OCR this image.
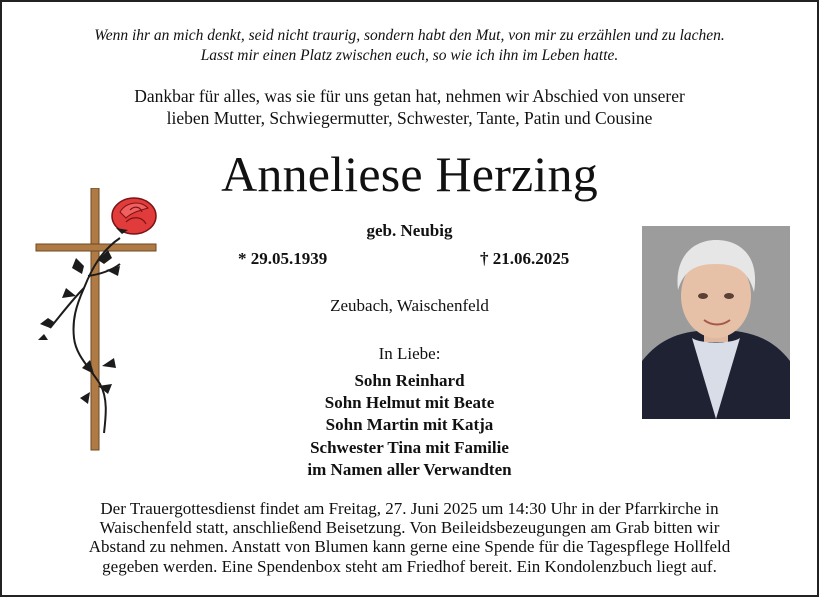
Wenn ihr an mich denkt, seid nicht traurig, sondern habt den Mut, von mir zu erzählen und zu lachen.
Lasst mir einen Platz zwischen euch, so wie ich ihn im Leben hatte.
Dankbar für alles, was sie für uns getan hat, nehmen wir Abschied von unserer
lieben Mutter, Schwiegermutter, Schwester, Tante, Patin und Cousine
Anneliese Herzing
geb. Neubig
* 29.05.1939	† 21.06.2025
Zeubach, Waischenfeld
In Liebe:
Sohn Reinhard
Sohn Helmut mit Beate
Sohn Martin mit Katja
Schwester Tina mit Familie
im Namen aller Verwandten
Der Trauergottesdienst findet am Freitag, 27. Juni 2025 um 14:30 Uhr in der Pfarrkirche in
Waischenfeld statt, anschließend Beisetzung. Von Beileidsbezeugungen am Grab bitten wir
Abstand zu nehmen. Anstatt von Blumen kann gerne eine Spende für die Tagespflege Hollfeld
gegeben werden. Eine Spendenbox steht am Friedhof bereit. Ein Kondolenzbuch liegt auf.
